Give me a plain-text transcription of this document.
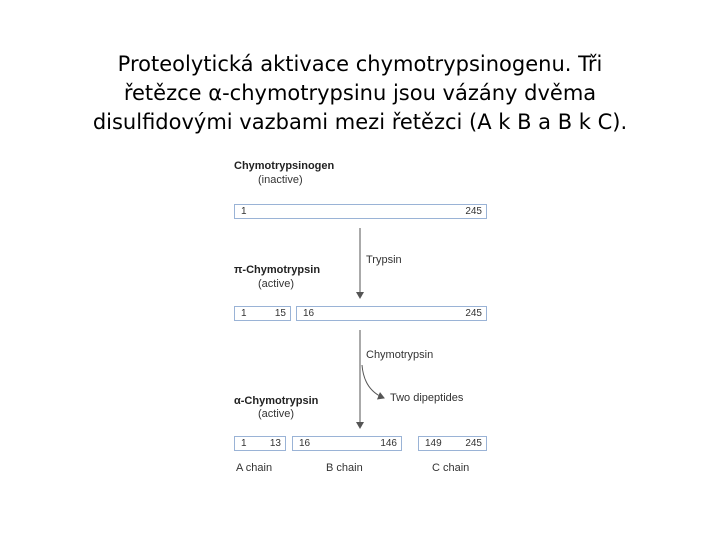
Proteolytická aktivace chymotrypsinogenu. Tři
řetězce α-chymotrypsinu jsou vázány dvěma
disulfidovými vazbami mezi řetězci (A k B a B k C).
Chymotrypsinogen
(inactive)
1	245
Trypsin
π-Chymotrypsin
(active)
1	15 16	245
Chymotrypsin
Two dipeptides
α-Chymotrypsin
(active)
1 13 16	146	149 245
A chain	B chain	C chain
